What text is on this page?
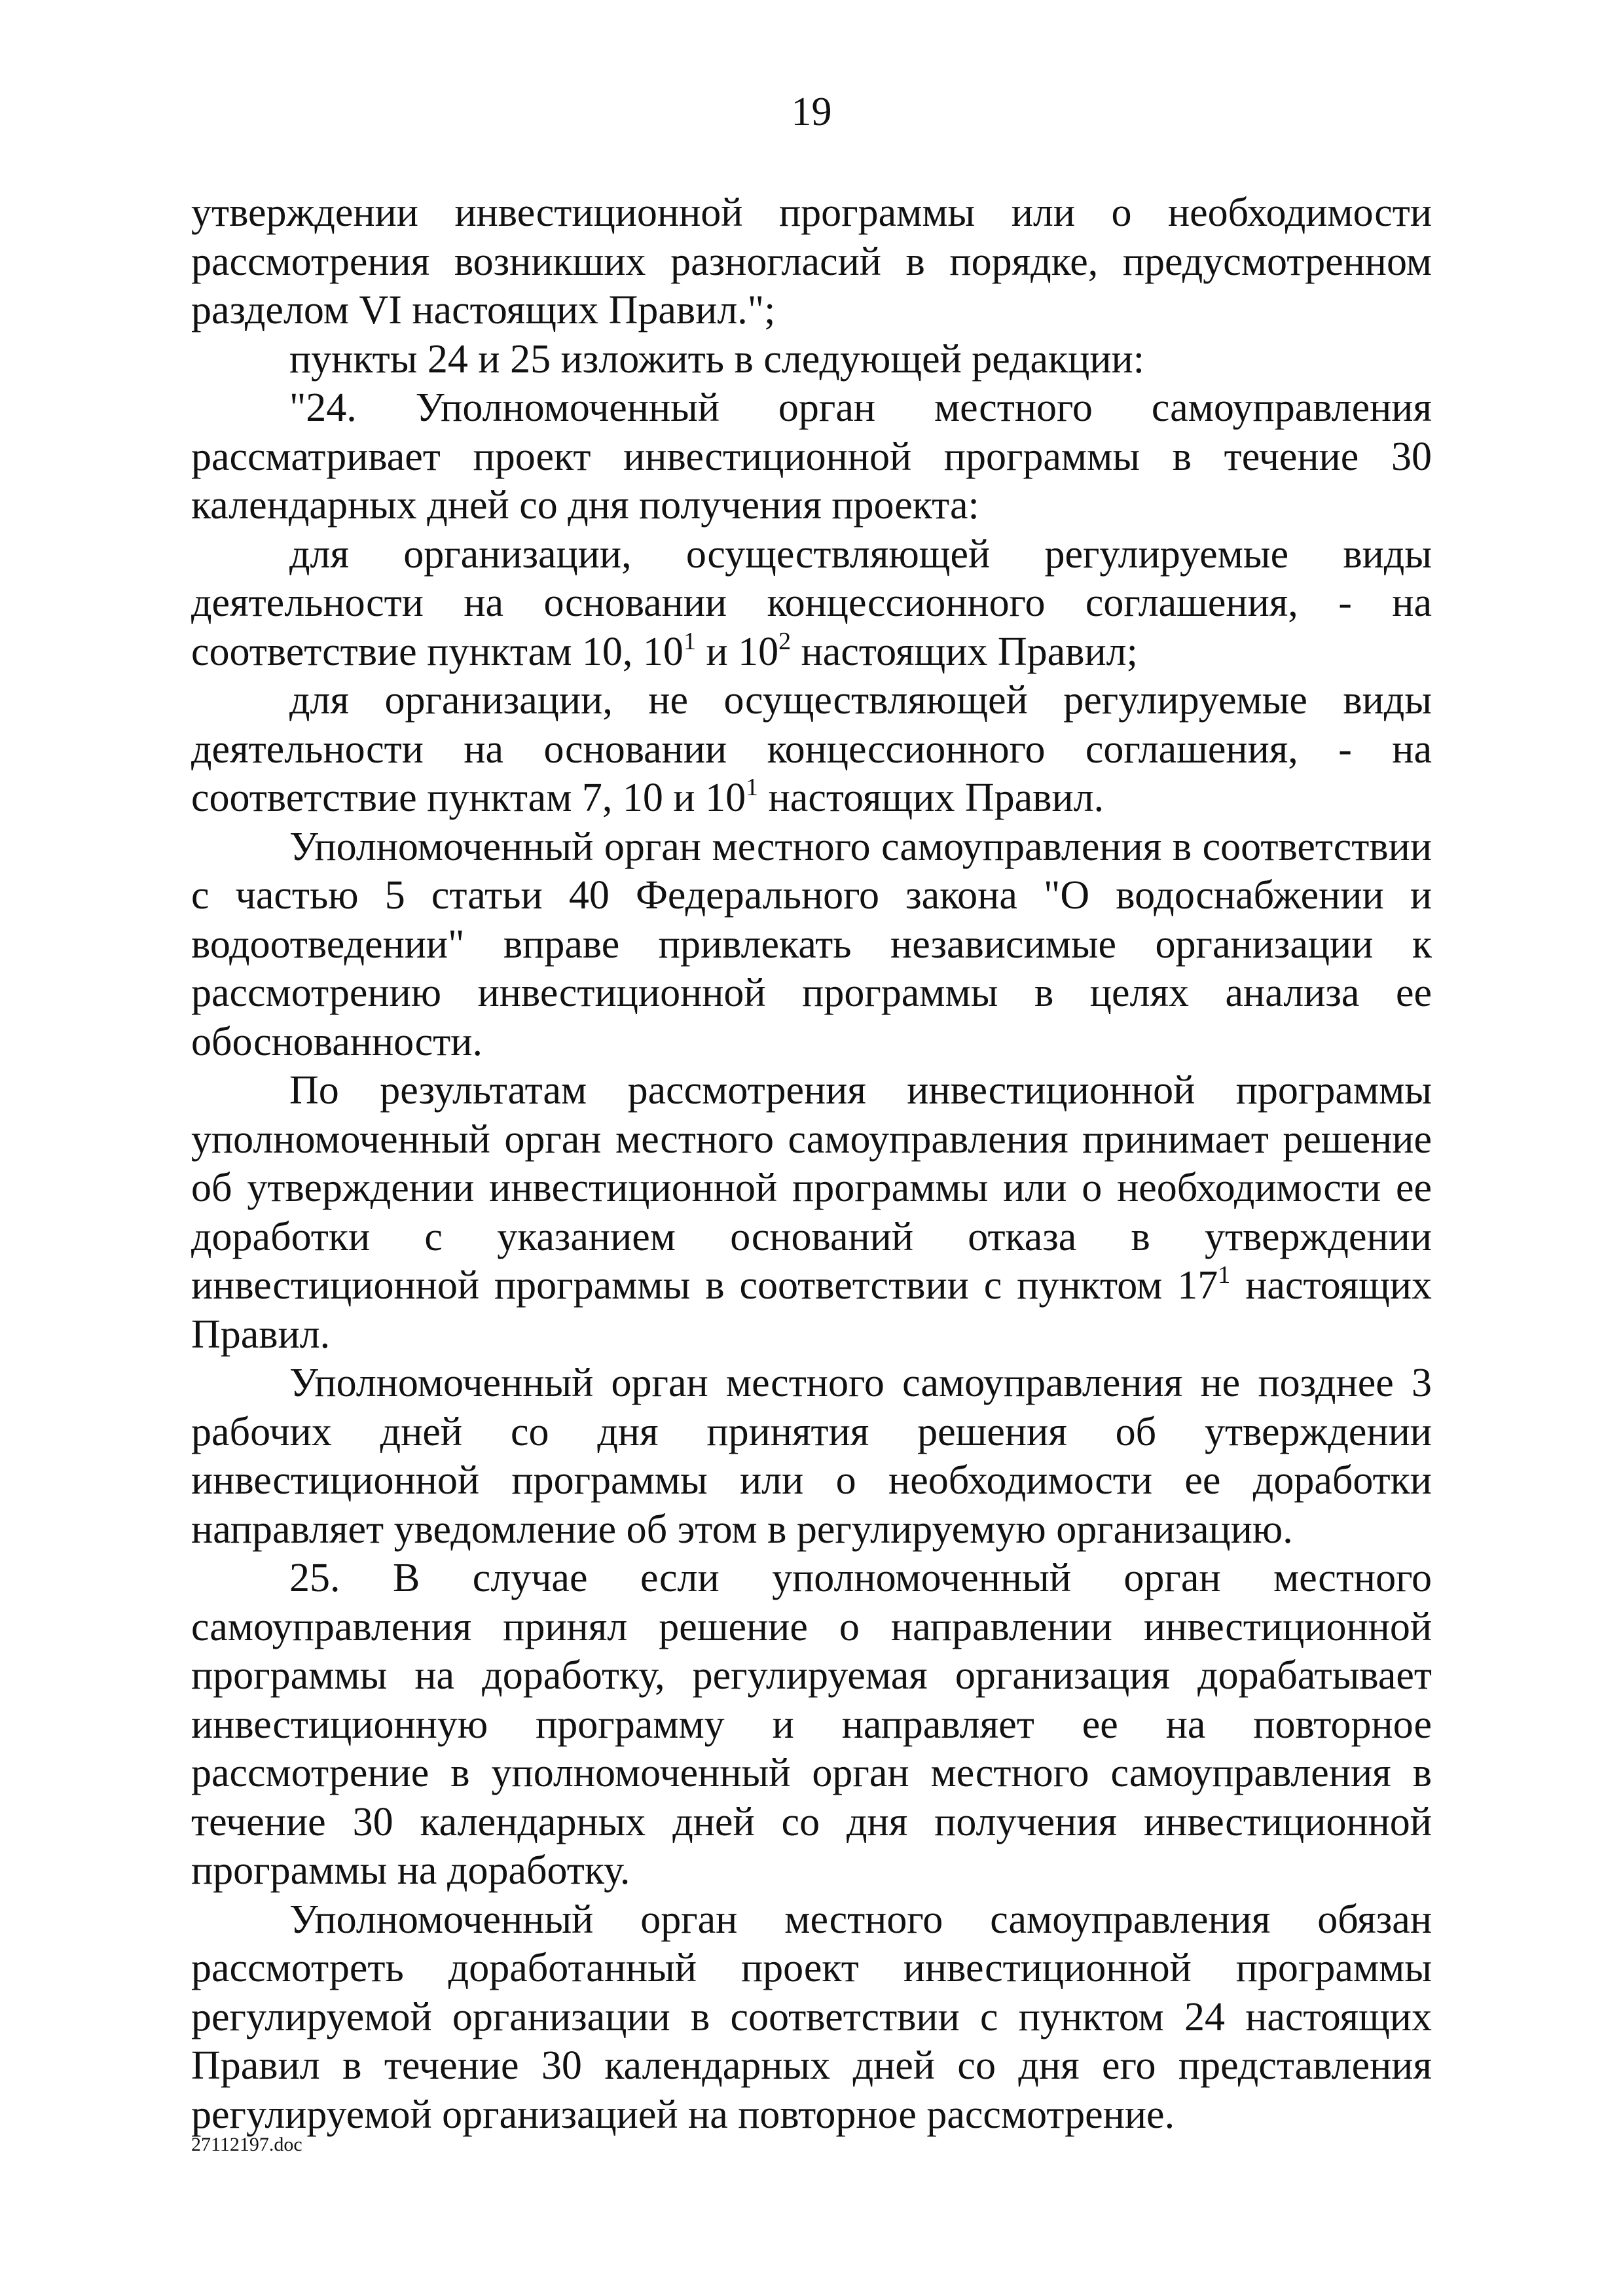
19

утверждении инвестиционной программы или о необходимости рассмотрения возникших разногласий в порядке, предусмотренном разделом VI настоящих Правил.";

пункты 24 и 25 изложить в следующей редакции:

"24. Уполномоченный орган местного самоуправления рассматривает проект инвестиционной программы в течение 30 календарных дней со дня получения проекта:

для организации, осуществляющей регулируемые виды деятельности на основании концессионного соглашения, - на соответствие пунктам 10, $10^1$ и $10^2$ настоящих Правил;

для организации, не осуществляющей регулируемые виды деятельности на основании концессионного соглашения, - на соответствие пунктам 7, 10 и $10^1$ настоящих Правил.

Уполномоченный орган местного самоуправления в соответствии с частью 5 статьи 40 Федерального закона "О водоснабжении и водоотведении" вправе привлекать независимые организации к рассмотрению инвестиционной программы в целях анализа ее обоснованности.

По результатам рассмотрения инвестиционной программы уполномоченный орган местного самоуправления принимает решение об утверждении инвестиционной программы или о необходимости ее доработки с указанием оснований отказа в утверждении инвестиционной программы в соответствии с пунктом $17^1$ настоящих Правил.

Уполномоченный орган местного самоуправления не позднее 3 рабочих дней со дня принятия решения об утверждении инвестиционной программы или о необходимости ее доработки направляет уведомление об этом в регулируемую организацию.

25. В случае если уполномоченный орган местного самоуправления принял решение о направлении инвестиционной программы на доработку, регулируемая организация дорабатывает инвестиционную программу и направляет ее на повторное рассмотрение в уполномоченный орган местного самоуправления в течение 30 календарных дней со дня получения инвестиционной программы на доработку.

Уполномоченный орган местного самоуправления обязан рассмотреть доработанный проект инвестиционной программы регулируемой организации в соответствии с пунктом 24 настоящих Правил в течение 30 календарных дней со дня его представления регулируемой организацией на повторное рассмотрение.

27112197.doc
